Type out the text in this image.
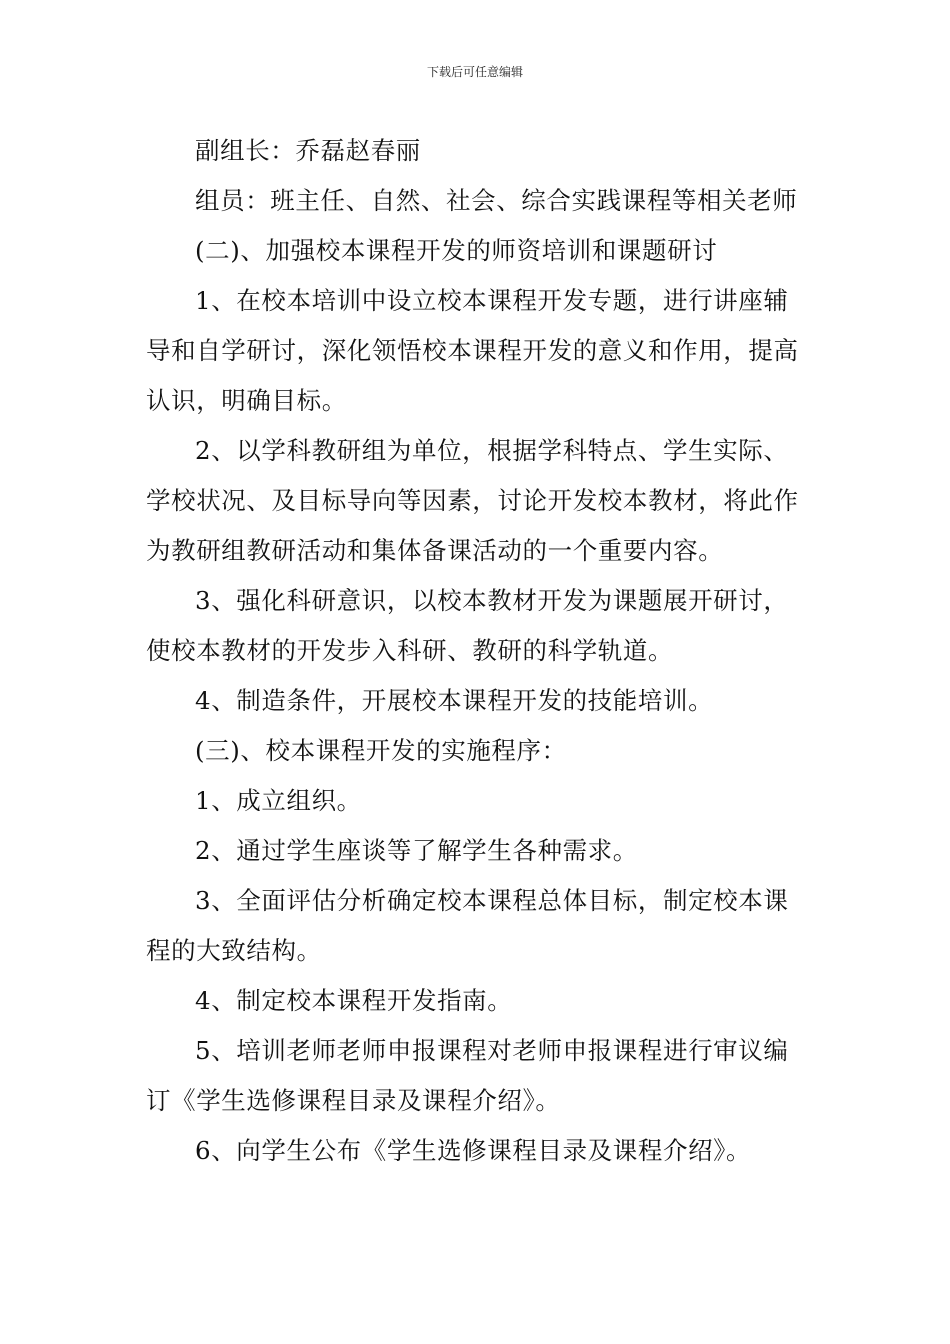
下载后可任意编辑

副组长：乔磊赵春丽

组员：班主任、自然、社会、综合实践课程等相关老师

(二)、加强校本课程开发的师资培训和课题研讨

1、在校本培训中设立校本课程开发专题，进行讲座辅导和自学研讨，深化领悟校本课程开发的意义和作用，提高认识，明确目标。

2、以学科教研组为单位，根据学科特点、学生实际、学校状况、及目标导向等因素，讨论开发校本教材，将此作为教研组教研活动和集体备课活动的一个重要内容。

3、强化科研意识，以校本教材开发为课题展开研讨，使校本教材的开发步入科研、教研的科学轨道。

4、制造条件，开展校本课程开发的技能培训。

(三)、校本课程开发的实施程序：

1、成立组织。

2、通过学生座谈等了解学生各种需求。

3、全面评估分析确定校本课程总体目标，制定校本课程的大致结构。

4、制定校本课程开发指南。

5、培训老师老师申报课程对老师申报课程进行审议编订《学生选修课程目录及课程介绍》。

6、向学生公布《学生选修课程目录及课程介绍》。
